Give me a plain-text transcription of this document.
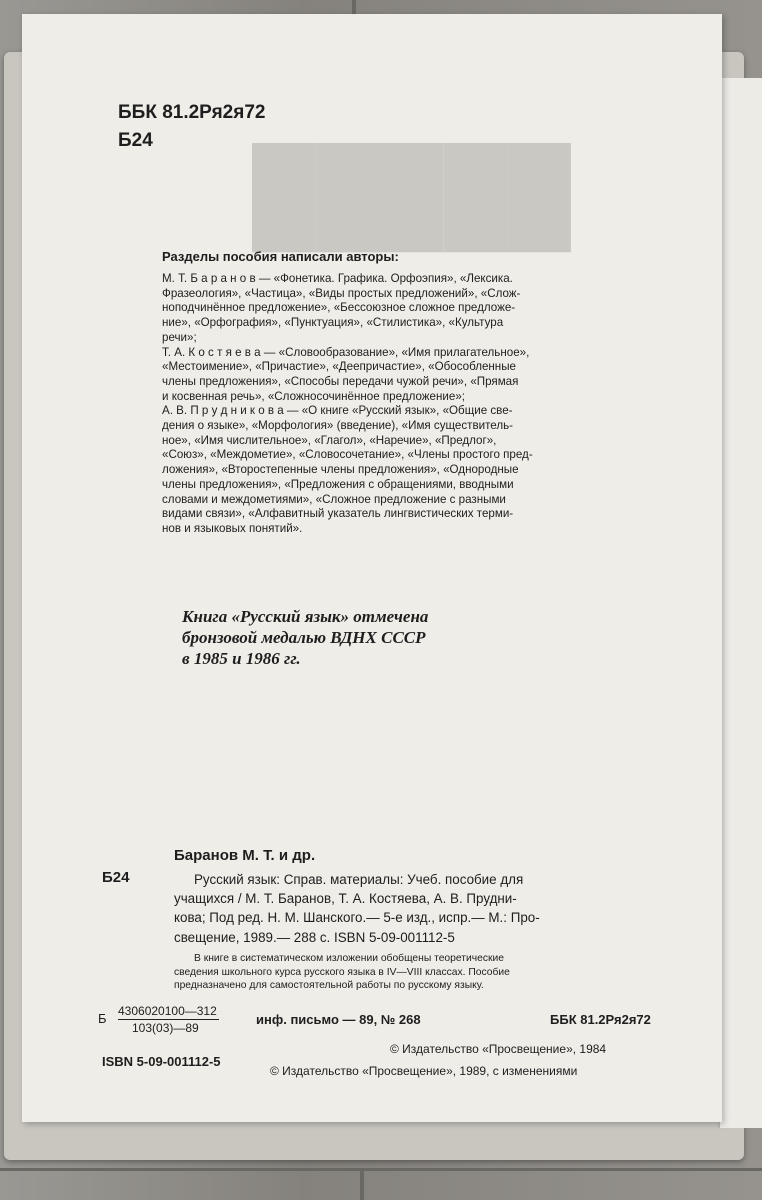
█████
ББК 81.2Ря2я72
Б24
Разделы пособия написали авторы:
М. Т. Б а р а н о в — «Фонетика. Графика. Орфоэпия», «Лексика.
Фразеология», «Частица», «Виды простых предложений», «Слож-
ноподчинённое предложение», «Бессоюзное сложное предложе-
ние», «Орфография», «Пунктуация», «Стилистика», «Культура
речи»;
Т. А. К о с т я е в а — «Словообразование», «Имя прилагательное»,
«Местоимение», «Причастие», «Деепричастие», «Обособленные
члены предложения», «Способы передачи чужой речи», «Прямая
и косвенная речь», «Сложносочинённое предложение»;
А. В. П р у д н и к о в а — «О книге «Русский язык», «Общие све-
дения о языке», «Морфология» (введение), «Имя существитель-
ное», «Имя числительное», «Глагол», «Наречие», «Предлог»,
«Союз», «Междометие», «Словосочетание», «Члены простого пред-
ложения», «Второстепенные члены предложения», «Однородные
члены предложения», «Предложения с обращениями, вводными
словами и междометиями», «Сложное предложение с разными
видами связи», «Алфавитный указатель лингвистических терми-
нов и языковых понятий».
Книга «Русский язык» отмечена
бронзовой медалью ВДНХ СССР
в 1985 и 1986 гг.
Баранов М. Т. и др.
Б24	Русский язык: Справ. материалы: Учеб. пособие для
учащихся / М. Т. Баранов, Т. А. Костяева, А. В. Прудни-
кова; Под ред. Н. М. Шанского.— 5-е изд., испр.— М.: Про-
свещение, 1989.— 288 с. ISBN 5-09-001112-5
В книге в систематическом изложении обобщены теоретические
сведения школьного курса русского языка в IV—VIII классах. Пособие
предназначено для самостоятельной работы по русскому языку.
Б $\frac{4306020100—312}{103(03)—89}$	инф. письмо — 89, № 268	ББК 81.2Ря2я72
ISBN 5-09-001112-5
© Издательство «Просвещение», 1984
© Издательство «Просвещение», 1989, с изменениями
